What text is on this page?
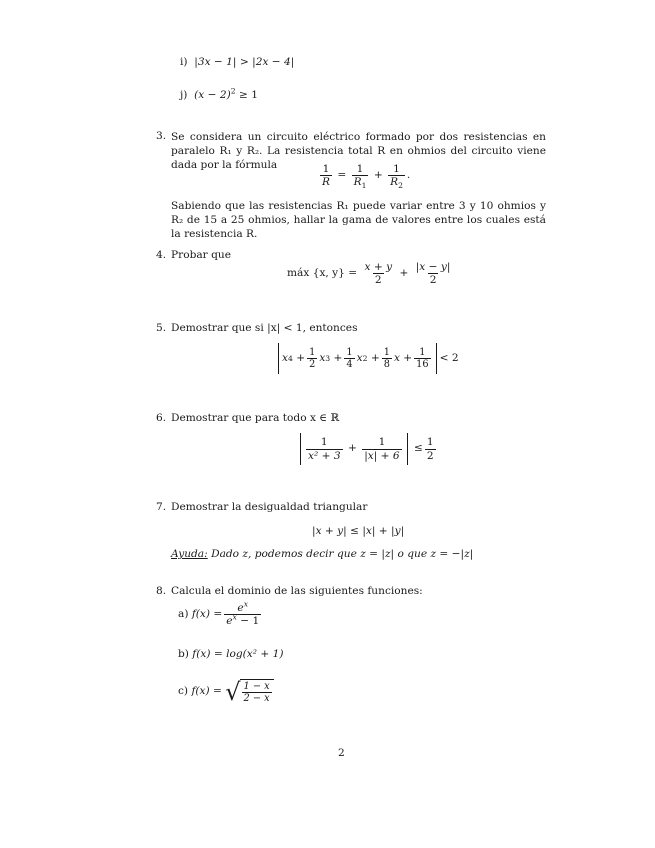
i) |3x − 1| > |2x − 4|
j) $(x - 2)^2 \ge 1$
3. Se considera un circuito eléctrico formado por dos resistencias en paralelo R₁ y R₂. La resistencia total R en ohmios del circuito viene dada por la fórmula	$\frac{1}{R} = \frac{1}{R_1} + \frac{1}{R_2}$ .
Sabiendo que las resistencias R₁ puede variar entre 3 y 10 ohmios y R₂ de 15 a 25 ohmios, hallar la gama de valores entre los cuales está la resistencia R.
4. Probar que
máx {x, y} =
$\frac{x + y}{2} + \frac{|x - y|}{2}$
5. Demostrar que si |x| < 1, entonces
x $4 + \frac{1}{2}$ x $3 + \frac{1}{4}$ x $2 + \frac{1}{8}$ $x + \frac{1}{16} < 2$
6. Demostrar que para todo x ∈ ℝ
$\frac{1}{\text{x² + 3}} + \frac{1}{|x| + 6} \le \frac{1}{2}$
7. Demostrar la desigualdad triangular
|x + y| ≤ |x| + |y|
Ayuda: Dado z, podemos decir que z = |z| o que z = −|z|
8. Calcula el dominio de las siguientes funciones:
a)
$f(x) = \frac{e^x}{e^x - 1}$
b)
f(x) = log(x² + 1)
c)
f(x) =
√ $\frac{1 - x}{2 - x}$
2
